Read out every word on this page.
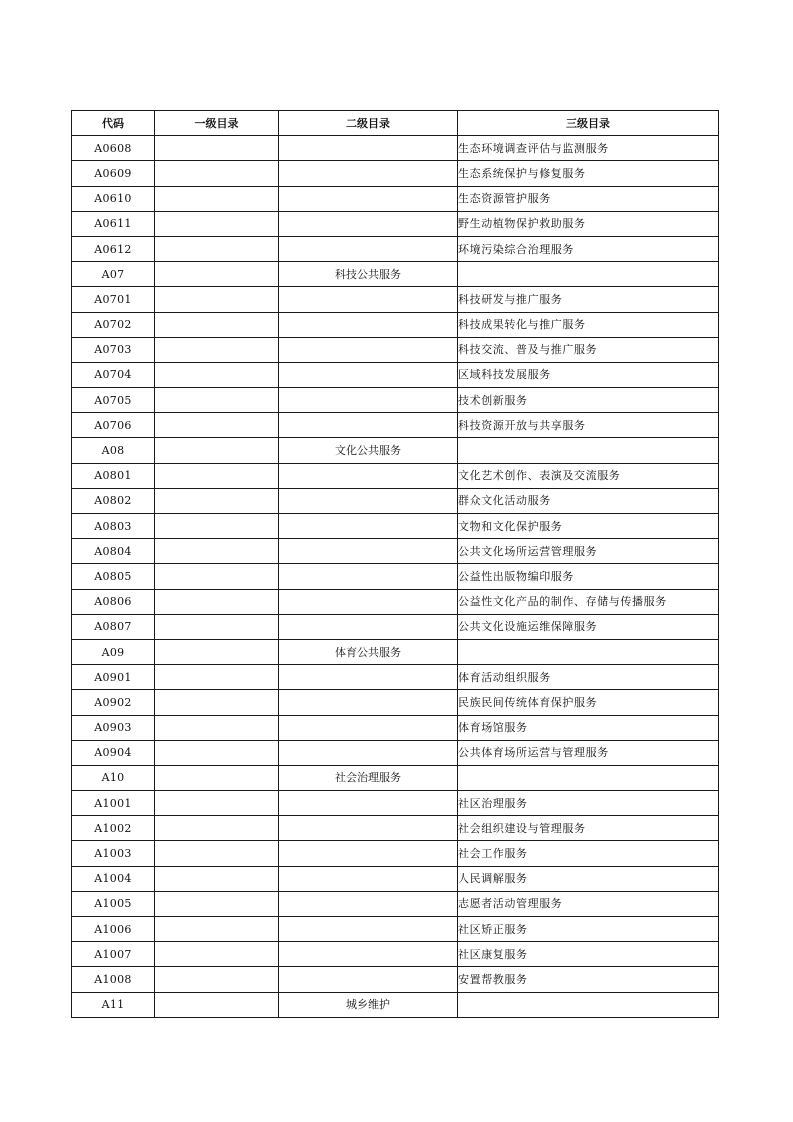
代码	一级目录	二级目录	三级目录
A0608			生态环境调查评估与监测服务
A0609			生态系统保护与修复服务
A0610			生态资源管护服务
A0611			野生动植物保护救助服务
A0612			环境污染综合治理服务
A07		科技公共服务	
A0701			科技研发与推广服务
A0702			科技成果转化与推广服务
A0703			科技交流、普及与推广服务
A0704			区域科技发展服务
A0705			技术创新服务
A0706			科技资源开放与共享服务
A08		文化公共服务	
A0801			文化艺术创作、表演及交流服务
A0802			群众文化活动服务
A0803			文物和文化保护服务
A0804			公共文化场所运营管理服务
A0805			公益性出版物编印服务
A0806			公益性文化产品的制作、存储与传播服务
A0807			公共文化设施运维保障服务
A09		体育公共服务	
A0901			体育活动组织服务
A0902			民族民间传统体育保护服务
A0903			体育场馆服务
A0904			公共体育场所运营与管理服务
A10		社会治理服务	
A1001			社区治理服务
A1002			社会组织建设与管理服务
A1003			社会工作服务
A1004			人民调解服务
A1005			志愿者活动管理服务
A1006			社区矫正服务
A1007			社区康复服务
A1008			安置帮教服务
A11		城乡维护	
